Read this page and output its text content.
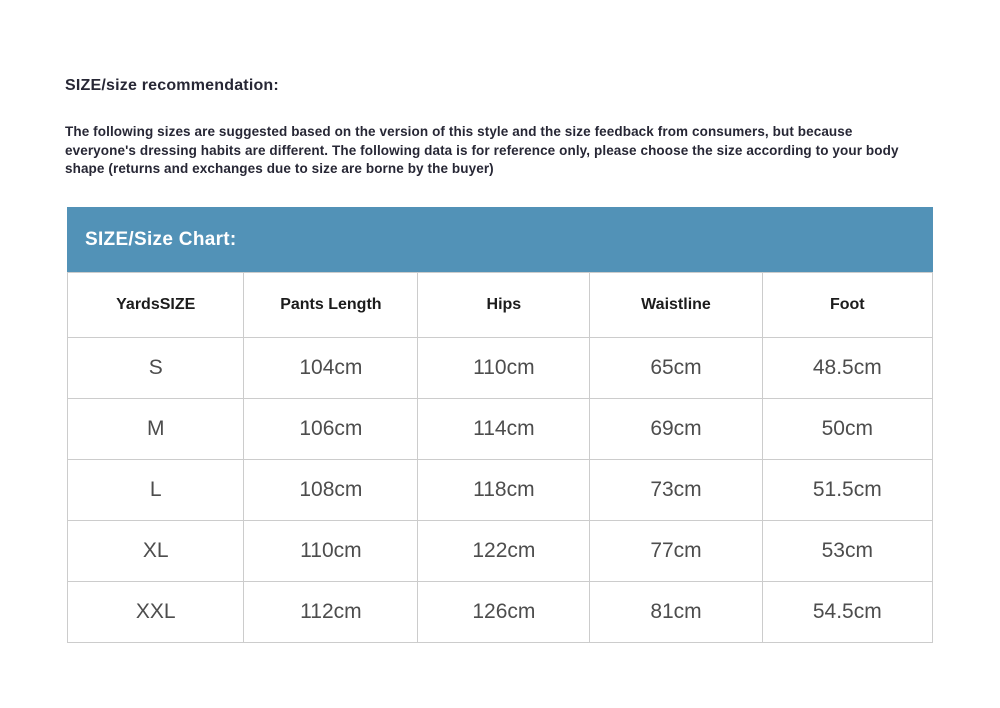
SIZE/size recommendation:

The following sizes are suggested based on the version of this style and the size feedback from consumers, but because everyone's dressing habits are different. The following data is for reference only, please choose the size according to your body shape (returns and exchanges due to size are borne by the buyer)

SIZE/Size Chart:
YardsSIZE	Pants Length	Hips	Waistline	Foot
S	104cm	110cm	65cm	48.5cm
M	106cm	114cm	69cm	50cm
L	108cm	118cm	73cm	51.5cm
XL	110cm	122cm	77cm	53cm
XXL	112cm	126cm	81cm	54.5cm
